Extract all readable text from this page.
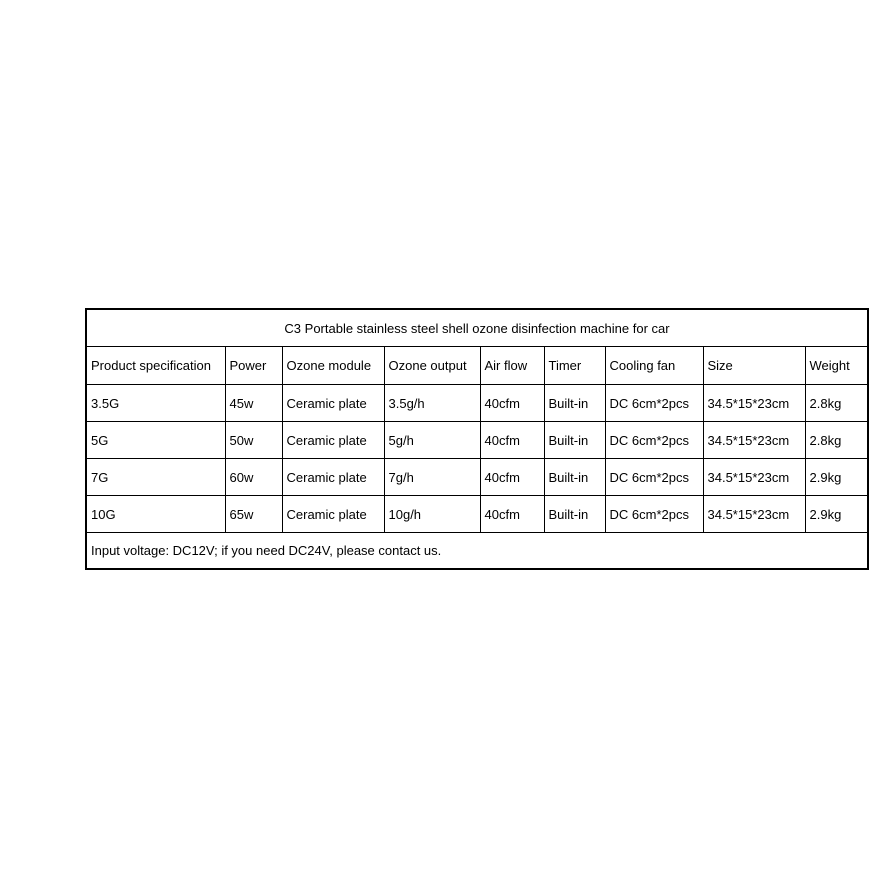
C3 Portable stainless steel shell ozone disinfection machine for car								
Product specification	Power	Ozone module	Ozone output	Air flow	Timer	Cooling fan	Size	Weight
3.5G	45w	Ceramic plate	3.5g/h	40cfm	Built-in	DC 6cm*2pcs	34.5*15*23cm	2.8kg
5G	50w	Ceramic plate	5g/h	40cfm	Built-in	DC 6cm*2pcs	34.5*15*23cm	2.8kg
7G	60w	Ceramic plate	7g/h	40cfm	Built-in	DC 6cm*2pcs	34.5*15*23cm	2.9kg
10G	65w	Ceramic plate	10g/h	40cfm	Built-in	DC 6cm*2pcs	34.5*15*23cm	2.9kg
Input voltage: DC12V; if you need DC24V, please contact us.								
